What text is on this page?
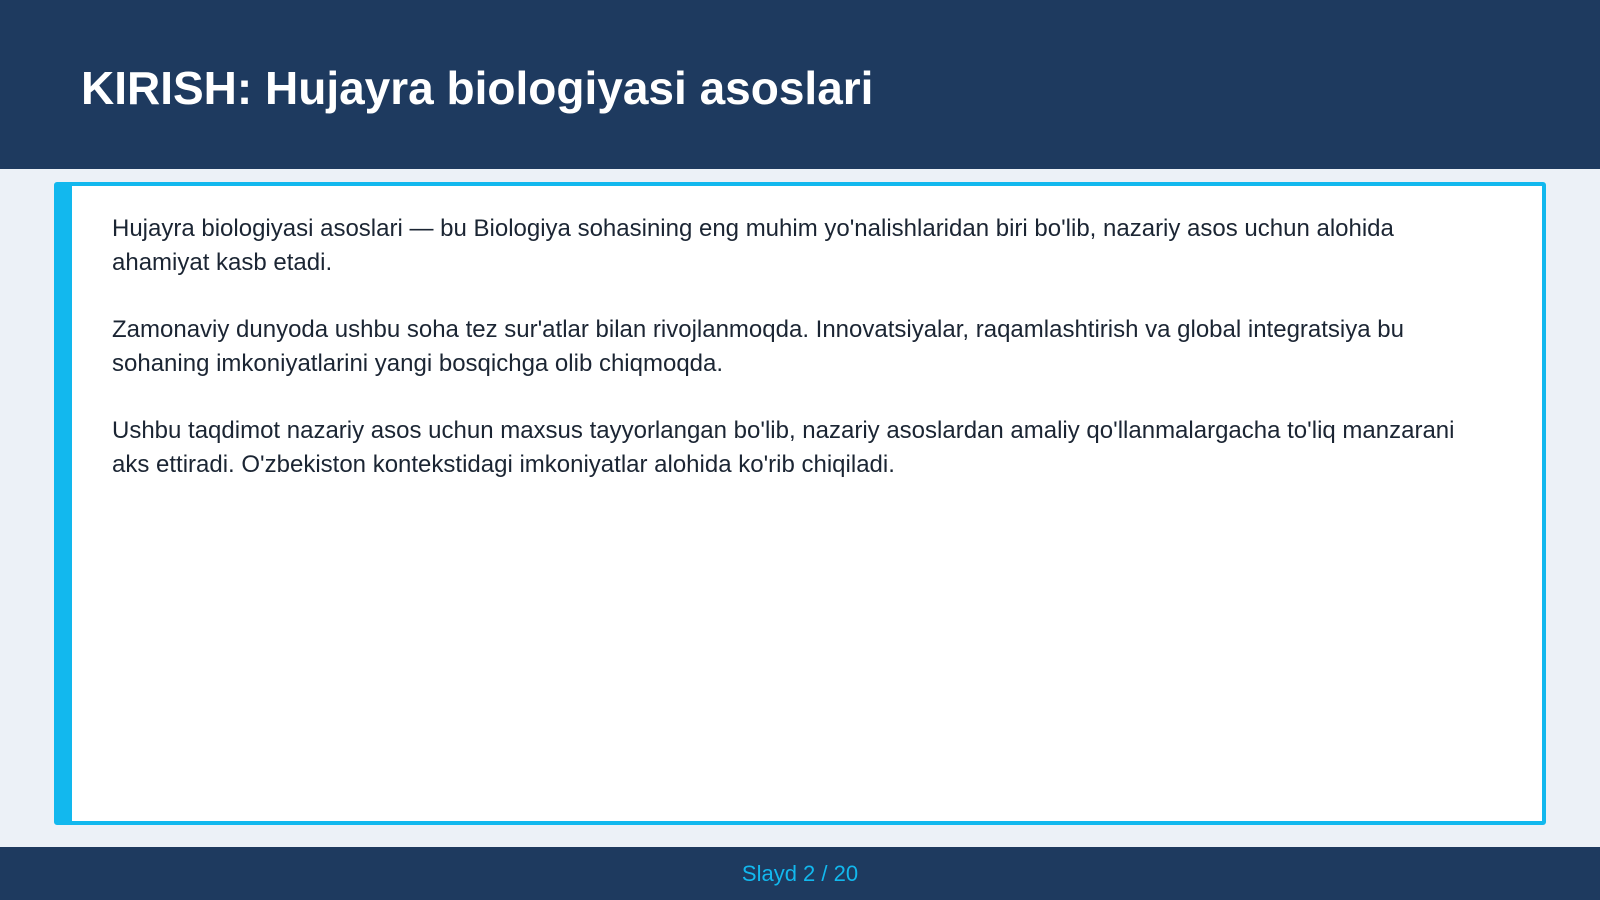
KIRISH: Hujayra biologiyasi asoslari

Hujayra biologiyasi asoslari — bu Biologiya sohasining eng muhim yo'nalishlaridan biri bo'lib, nazariy asos uchun alohida ahamiyat kasb etadi.

Zamonaviy dunyoda ushbu soha tez sur'atlar bilan rivojlanmoqda. Innovatsiyalar, raqamlashtirish va global integratsiya bu sohaning imkoniyatlarini yangi bosqichga olib chiqmoqda.

Ushbu taqdimot nazariy asos uchun maxsus tayyorlangan bo'lib, nazariy asoslardan amaliy qo'llanmalargacha to'liq manzarani aks ettiradi. O'zbekiston kontekstidagi imkoniyatlar alohida ko'rib chiqiladi.

Slayd 2 / 20
